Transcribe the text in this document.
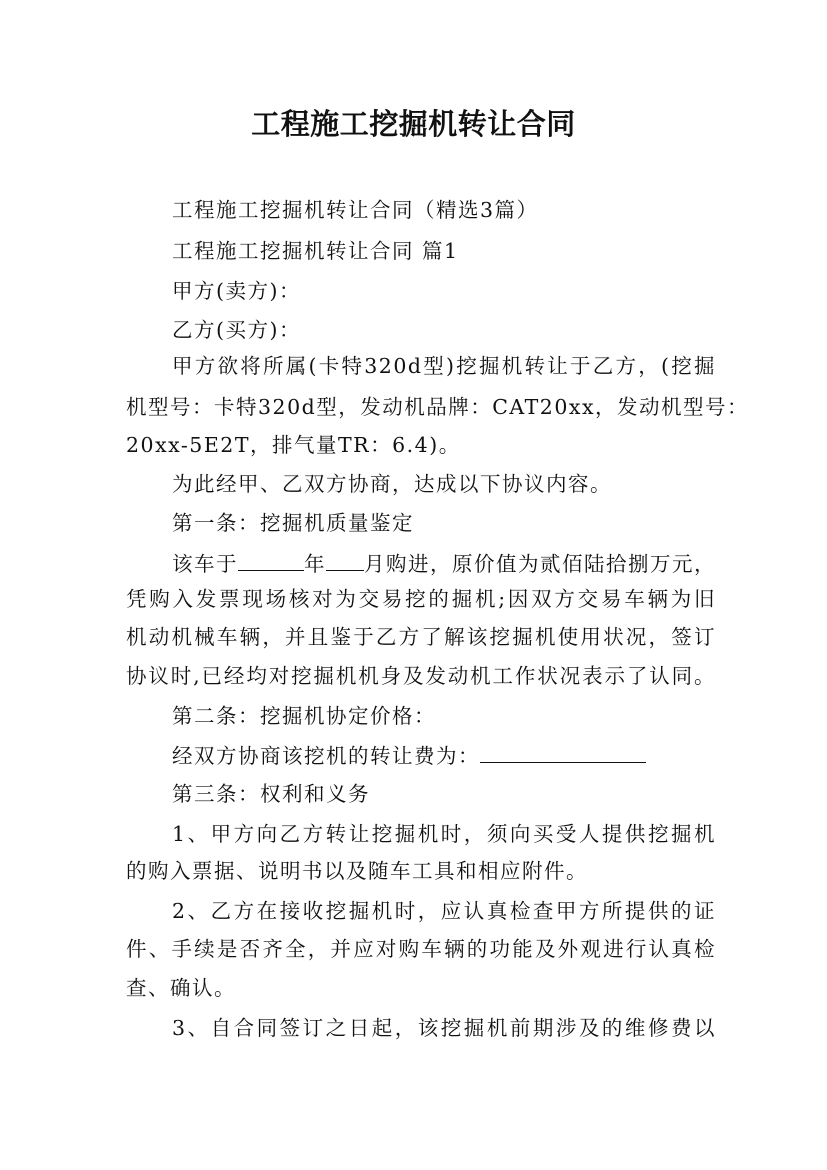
工程施工挖掘机转让合同

工程施工挖掘机转让合同（精选3篇）

工程施工挖掘机转让合同 篇1

甲方(卖方)：

乙方(买方)：

甲方欲将所属(卡特320d型)挖掘机转让于乙方，(挖掘

机型号：卡特320d型，发动机品牌：CAT20xx，发动机型号：

20xx-5E2T，排气量TR：6.4)。

为此经甲、乙双方协商，达成以下协议内容。

第一条：挖掘机质量鉴定

该车于	年 月购进，原价值为贰佰陆拾捌万元，

凭购入发票现场核对为交易挖的掘机;因双方交易车辆为旧

机动机械车辆，并且鉴于乙方了解该挖掘机使用状况，签订

协议时,已经均对挖掘机机身及发动机工作状况表示了认同。

第二条：挖掘机协定价格：

经双方协商该挖机的转让费为：

第三条：权利和义务

1、甲方向乙方转让挖掘机时，须向买受人提供挖掘机

的购入票据、说明书以及随车工具和相应附件。

2、乙方在接收挖掘机时，应认真检查甲方所提供的证

件、手续是否齐全，并应对购车辆的功能及外观进行认真检

查、确认。

3、自合同签订之日起，该挖掘机前期涉及的维修费以
